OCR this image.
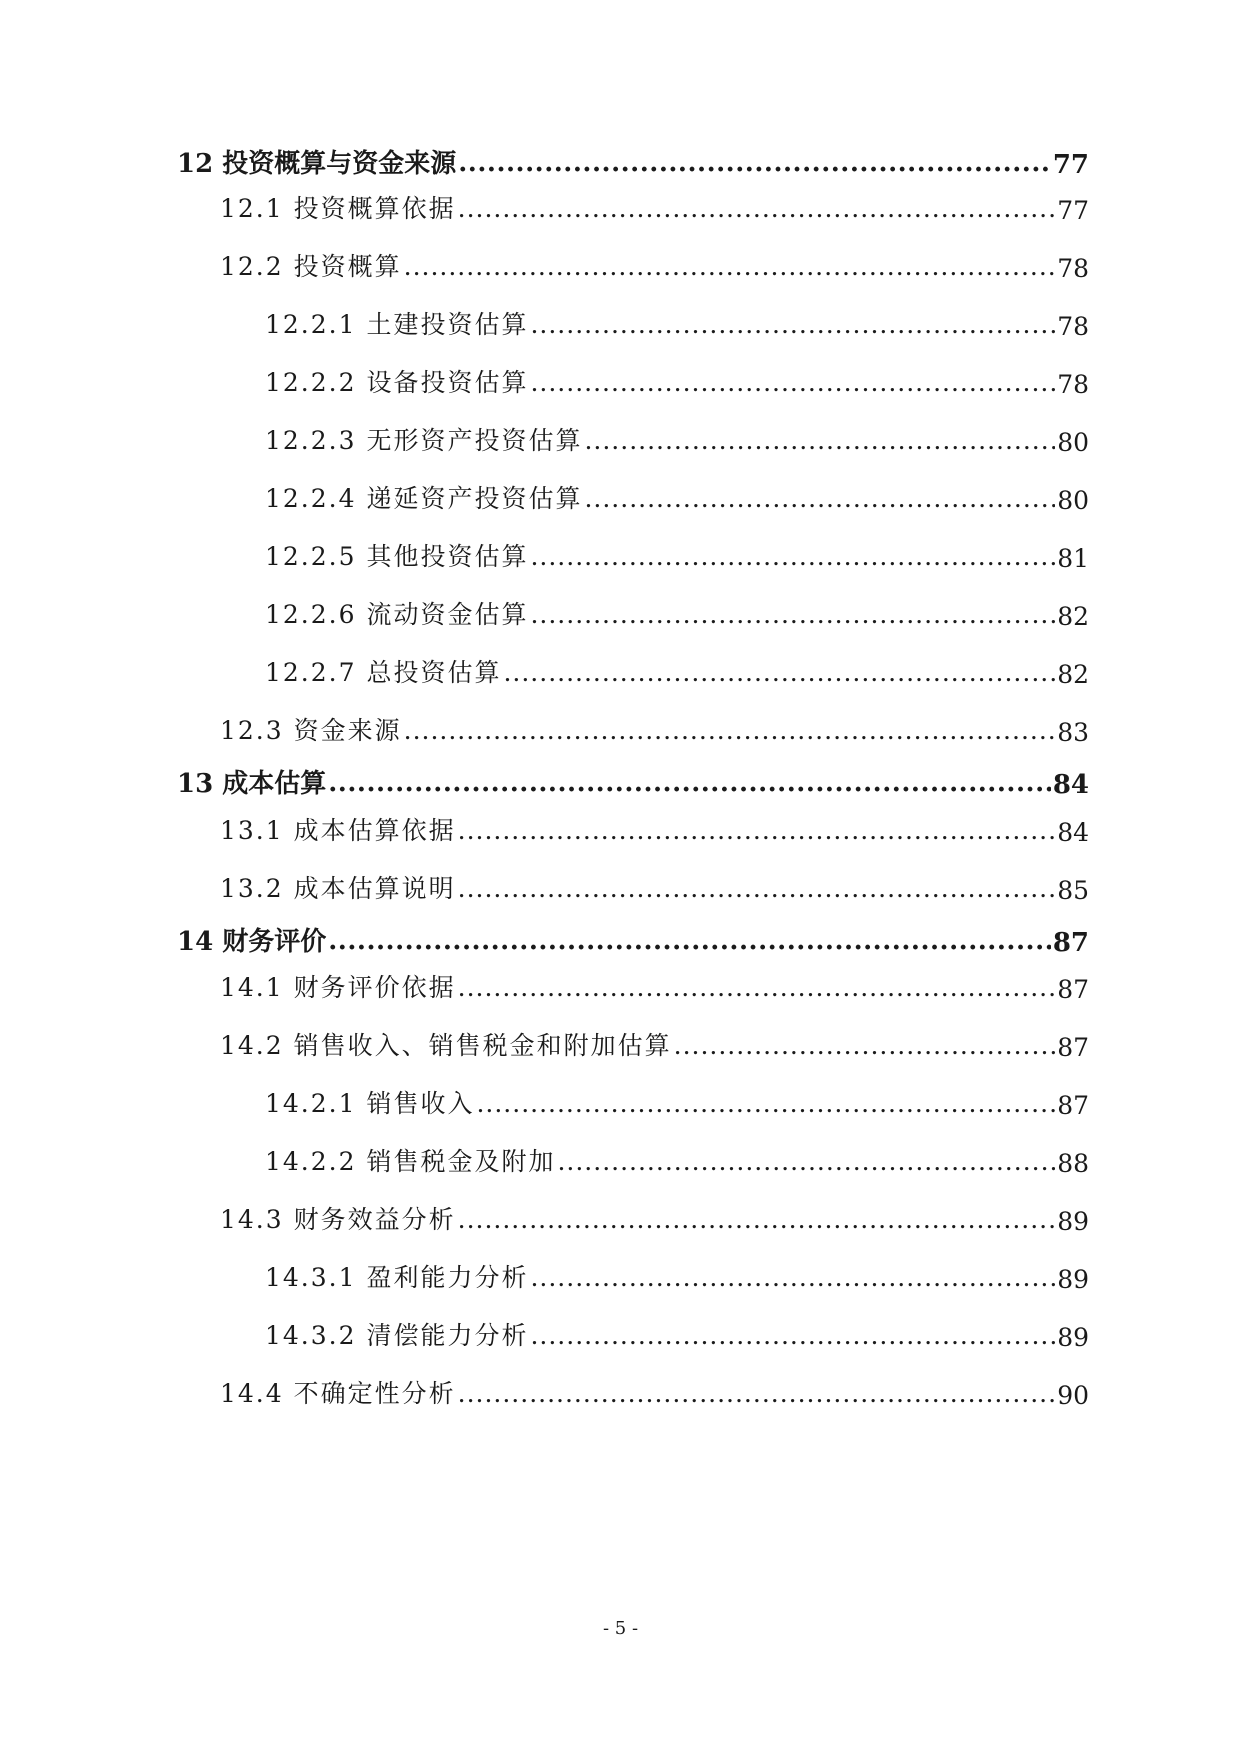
12 投资概算与资金来源 .....	77
12.1 投资概算依据 .....	77
12.2 投资概算 .....	78
12.2.1 土建投资估算 .....	78
12.2.2 设备投资估算 .....	78
12.2.3 无形资产投资估算 .....	80
12.2.4 递延资产投资估算 .....	80
12.2.5 其他投资估算 .....	81
12.2.6 流动资金估算 .....	82
12.2.7 总投资估算 .....	82
12.3 资金来源 .....	83
13 成本估算 .....	84
13.1 成本估算依据 .....	84
13.2 成本估算说明 .....	85
14 财务评价 .....	87
14.1 财务评价依据 .....	87
14.2 销售收入、销售税金和附加估算 .....	87
14.2.1 销售收入 .....	87
14.2.2 销售税金及附加 .....	88
14.3 财务效益分析 .....	89
14.3.1 盈利能力分析 .....	89
14.3.2 清偿能力分析 .....	89
14.4 不确定性分析 .....	90
- 5 -
